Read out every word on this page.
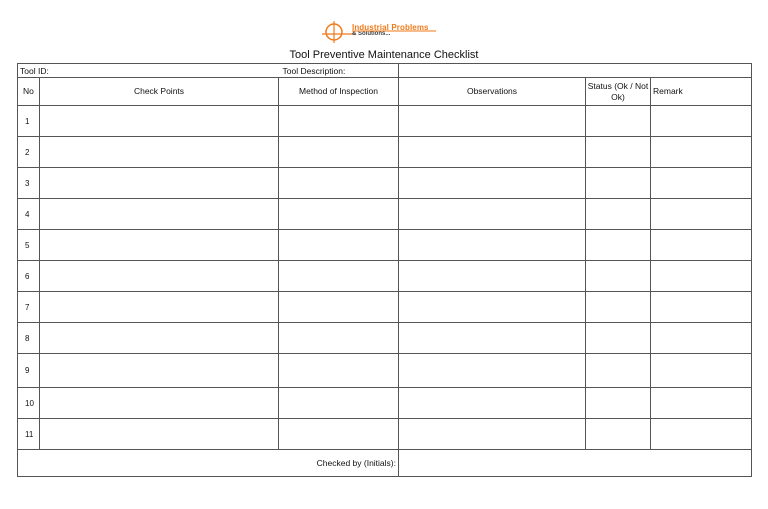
Industrial Problems
& Solutions...
Tool Preventive Maintenance Checklist
Tool ID: Tool Description:					

No	Check Points	Method of Inspection	Observations	Status (Ok / Not Ok)	Remark
1					
2					
3					
4					
5					
6					
7					
8					
9					
10					
11					
Checked by (Initials):					
